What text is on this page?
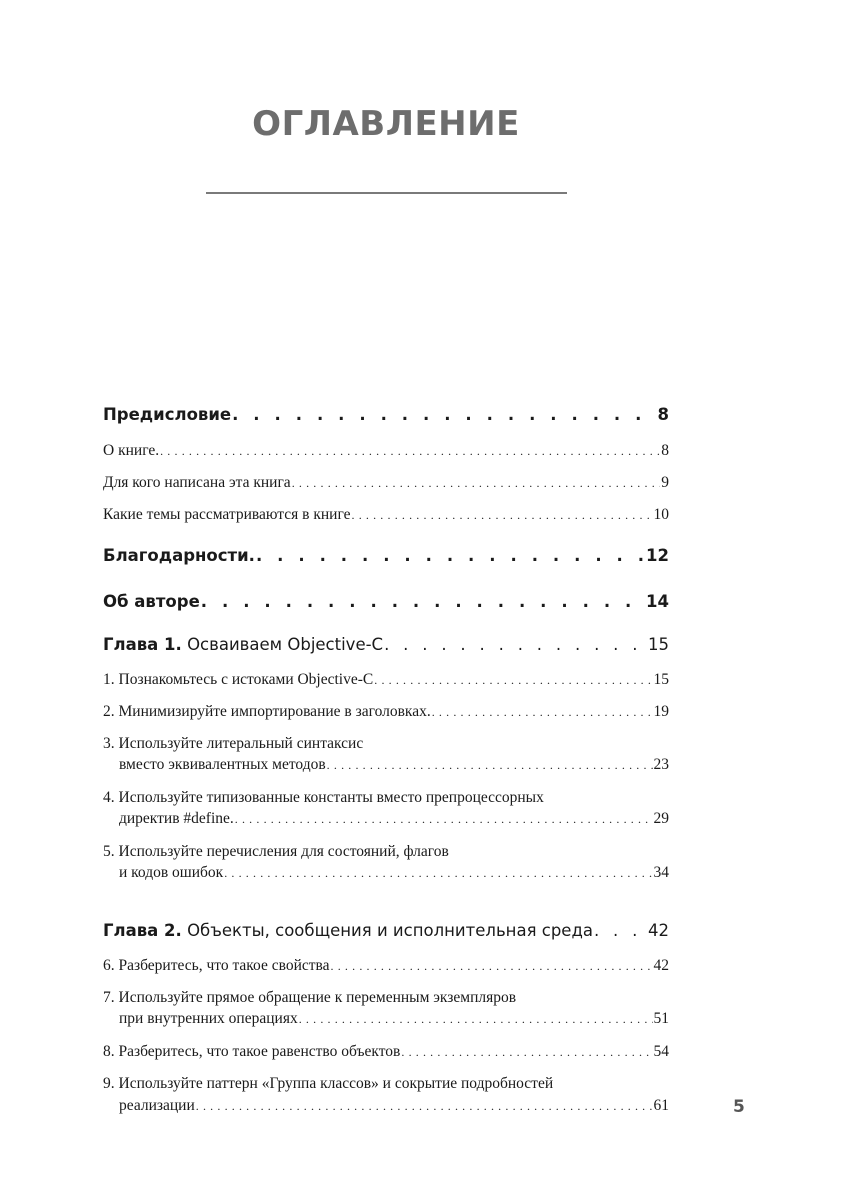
ОГЛАВЛЕНИЕ
Предисловие . . .	8
О книге. . . .	8
Для кого написана эта книга . . .	9
Какие темы рассматриваются в книге . . .	10
Благодарности. . . .	12
Об авторе . . .	14
Глава 1.
Осваиваем Objective-C . . .	15
1. Познакомьтесь с истоками Objective-C . . .	15
2. Минимизируйте импортирование в заголовках. . . .	19
3. Используйте литеральный синтаксис
вместо эквивалентных методов . . .	23
4. Используйте типизованные константы вместо препроцессорных
директив #define. . . .	29
5. Используйте перечисления для состояний, флагов
и кодов ошибок . . .	34
Глава 2.
Объекты, сообщения и исполнительная среда . . .	42
6. Разберитесь, что такое свойства . . .	42
7. Используйте прямое обращение к переменным экземпляров
при внутренних операциях . . .	51
8. Разберитесь, что такое равенство объектов . . .	54
9. Используйте паттерн «Группа классов» и сокрытие подробностей
реализации . . .	61	5
